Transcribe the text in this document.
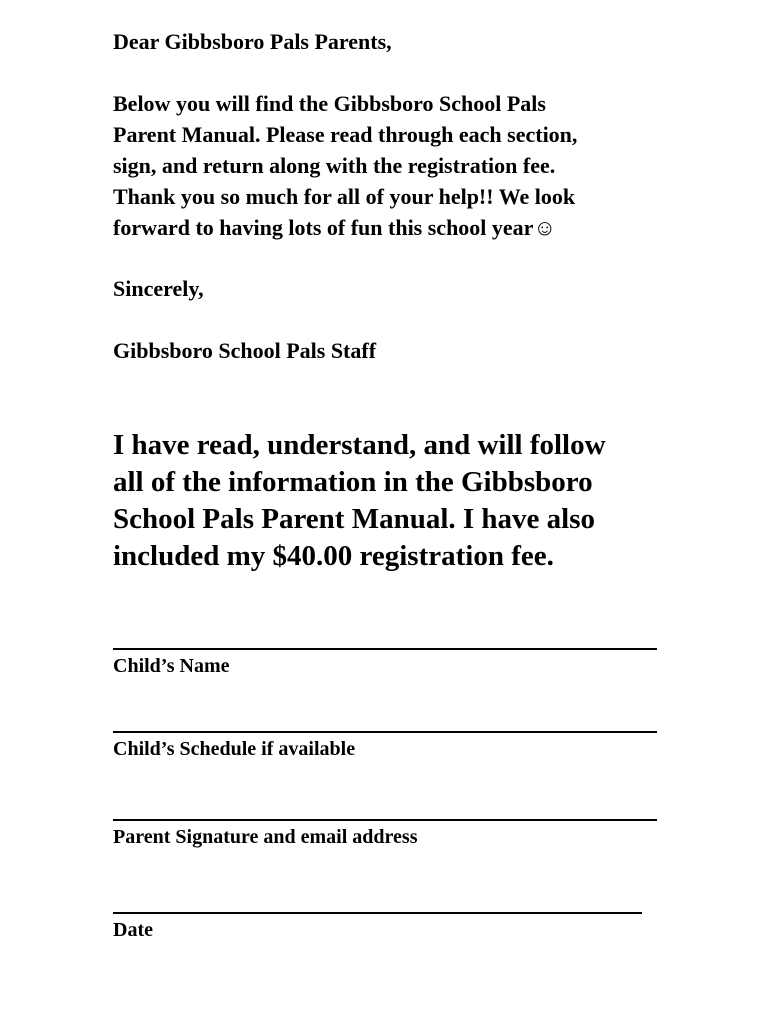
Dear Gibbsboro Pals Parents,
Below you will find the Gibbsboro School Pals
Parent Manual. Please read through each section,
sign, and return along with the registration fee.
Thank you so much for all of your help!! We look
forward to having lots of fun this school year☺
Sincerely,
Gibbsboro School Pals Staff
I have read, understand, and will follow
all of the information in the Gibbsboro
School Pals Parent Manual. I have also
included my $40.00 registration fee.
Child’s Name
Child’s Schedule if available
Parent Signature and email address
Date
